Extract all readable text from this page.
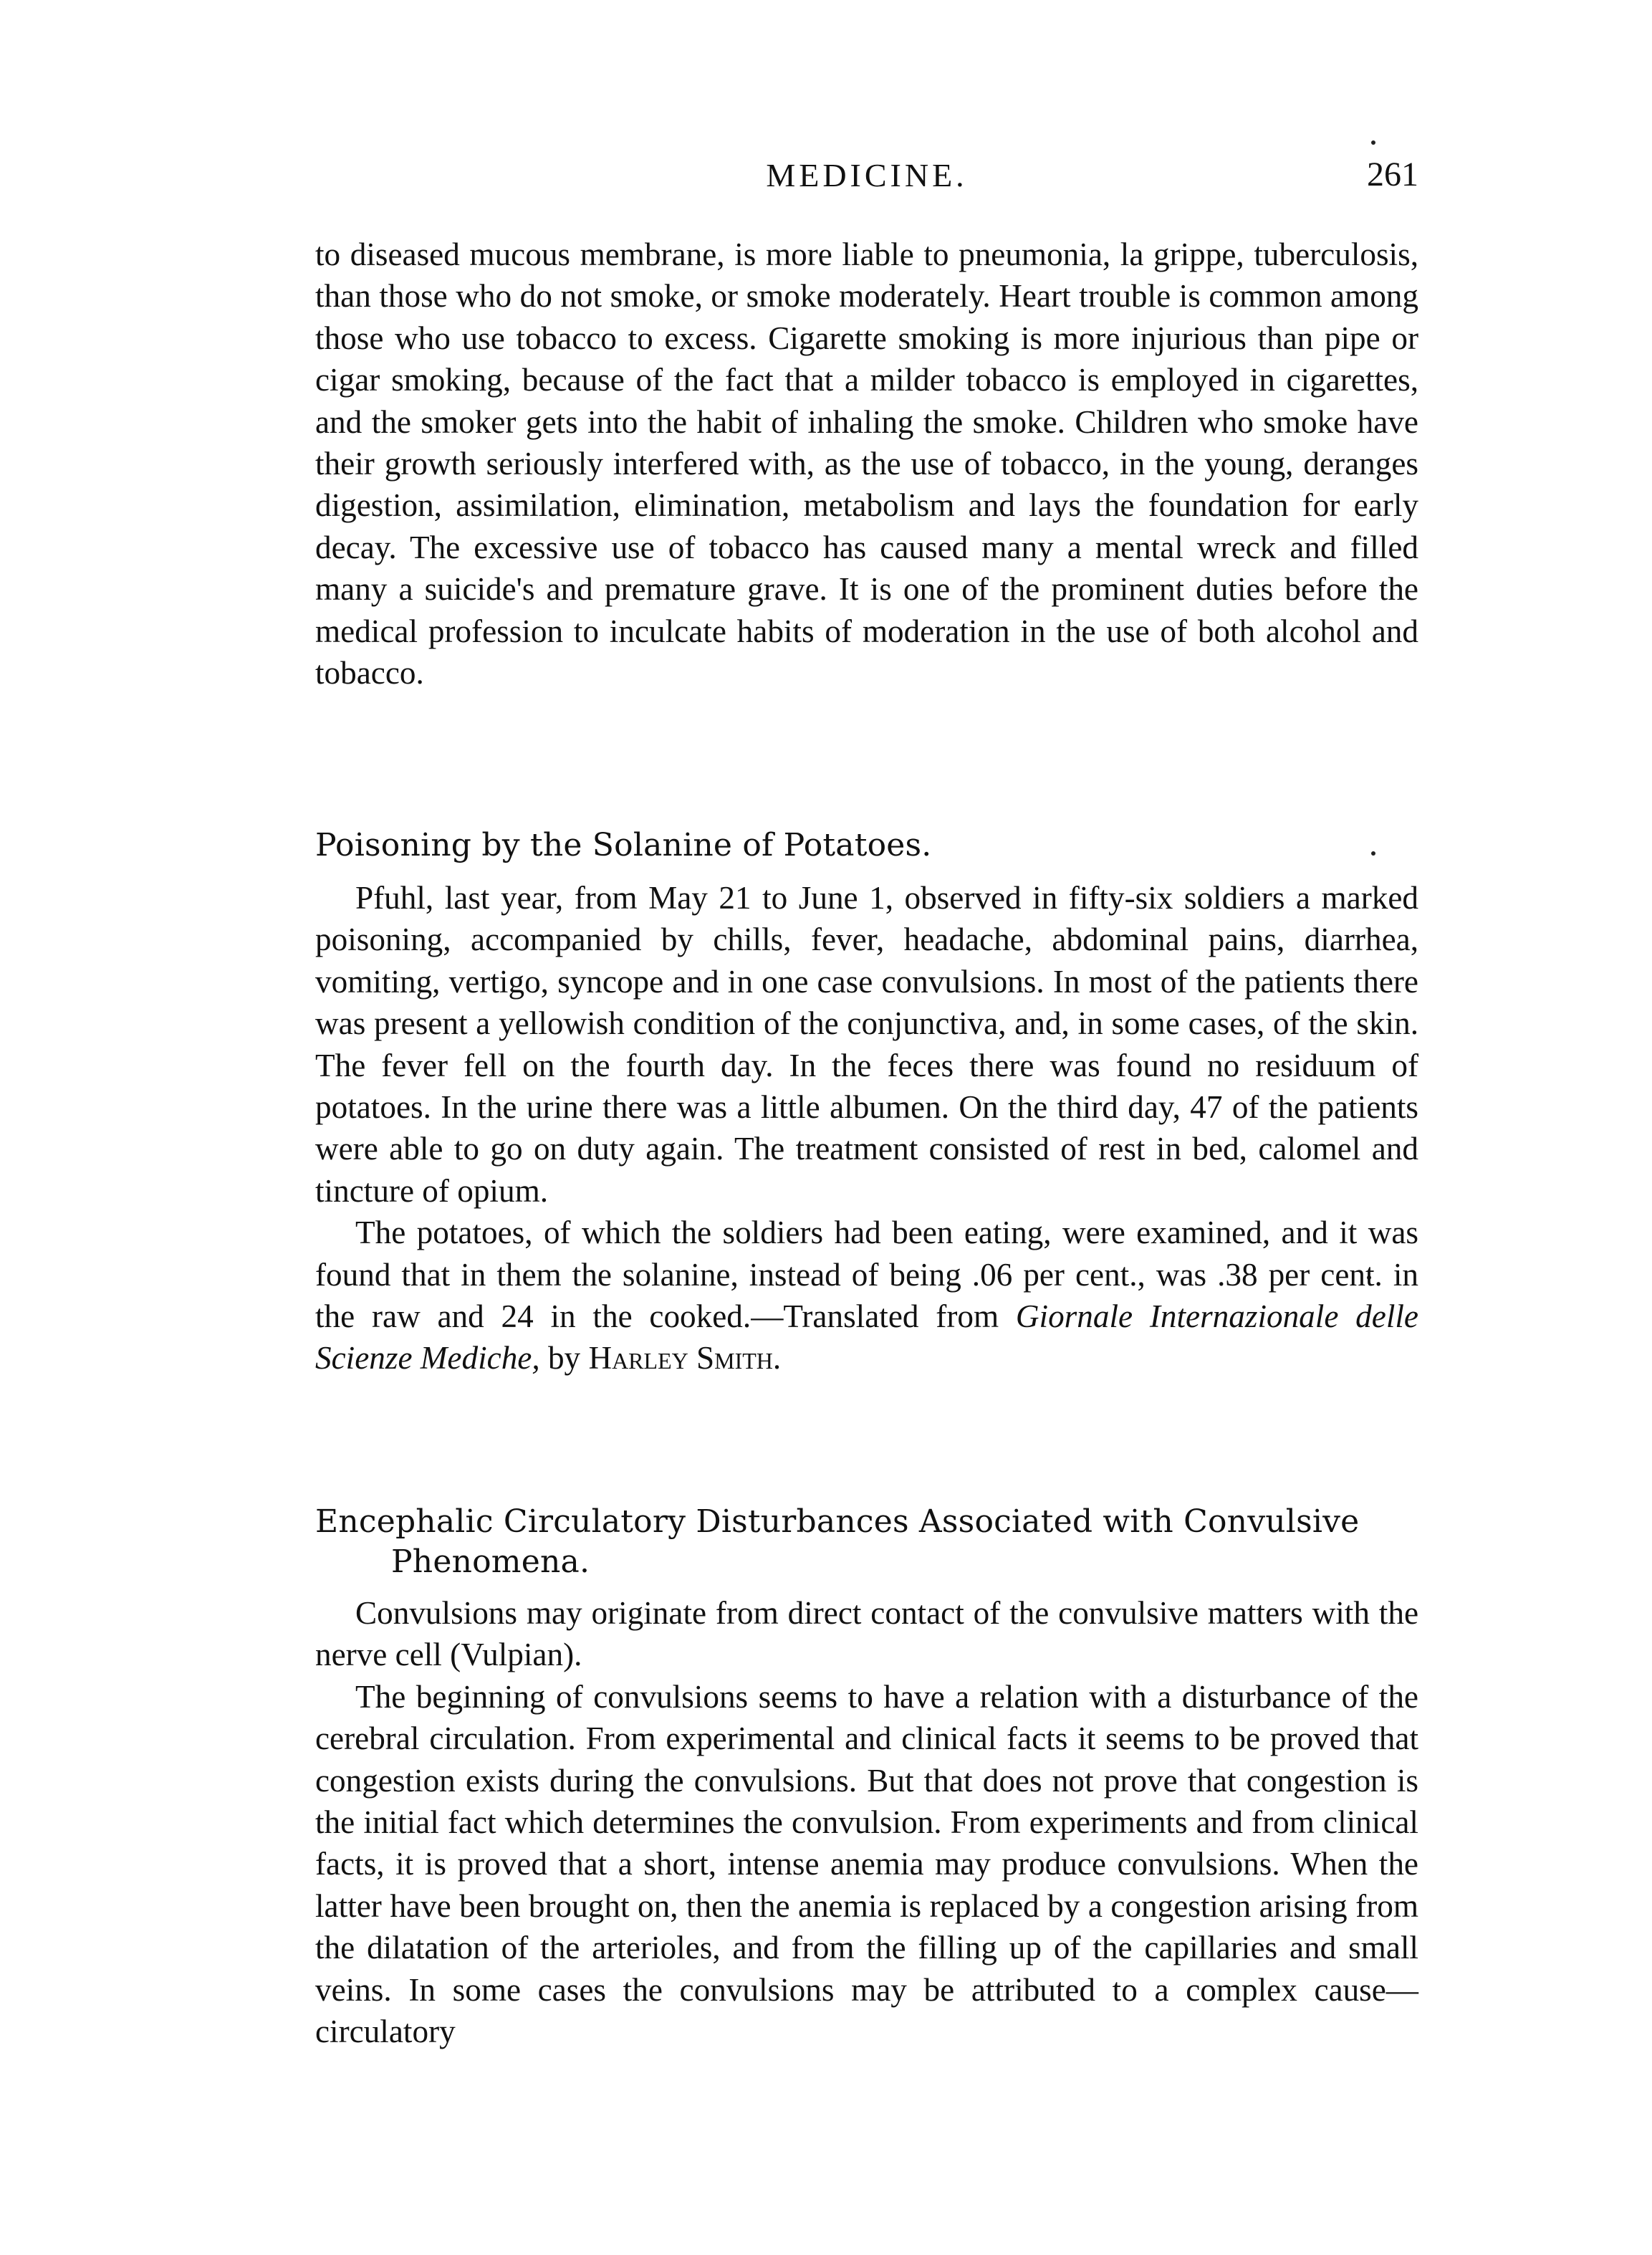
MEDICINE.	261

to diseased mucous membrane, is more liable to pneumonia, la grippe, tuberculosis, than those who do not smoke, or smoke moderately. Heart trouble is common among those who use tobacco to excess. Cigarette smoking is more injurious than pipe or cigar smoking, because of the fact that a milder tobacco is employed in cigarettes, and the smoker gets into the habit of inhaling the smoke. Children who smoke have their growth seriously interfered with, as the use of tobacco, in the young, deranges digestion, assimilation, elimination, metabolism and lays the foundation for early decay. The excessive use of tobacco has caused many a mental wreck and filled many a suicide's and premature grave. It is one of the prominent duties before the medical profession to inculcate habits of moderation in the use of both alcohol and tobacco.

Poisoning by the Solanine of Potatoes.

Pfuhl, last year, from May 21 to June 1, observed in fifty-six soldiers a marked poisoning, accompanied by chills, fever, headache, abdominal pains, diarrhea, vomiting, vertigo, syncope and in one case convulsions. In most of the patients there was present a yellowish condition of the conjunctiva, and, in some cases, of the skin. The fever fell on the fourth day. In the feces there was found no residuum of potatoes. In the urine there was a little albumen. On the third day, 47 of the patients were able to go on duty again. The treatment consisted of rest in bed, calomel and tincture of opium.

The potatoes, of which the soldiers had been eating, were examined, and it was found that in them the solanine, instead of being .06 per cent., was .38 per cent. in the raw and 24 in the cooked.—Translated from Giornale Internazionale delle Scienze Mediche, by Harley Smith.

Encephalic Circulatory Disturbances Associated with Convulsive
Phenomena.

Convulsions may originate from direct contact of the convulsive matters with the nerve cell (Vulpian).

The beginning of convulsions seems to have a relation with a disturbance of the cerebral circulation. From experimental and clinical facts it seems to be proved that congestion exists during the convulsions. But that does not prove that congestion is the initial fact which determines the convulsion. From experiments and from clinical facts, it is proved that a short, intense anemia may produce convulsions. When the latter have been brought on, then the anemia is replaced by a congestion arising from the dilatation of the arterioles, and from the filling up of the capillaries and small veins. In some cases the convulsions may be attributed to a complex cause—circulatory
